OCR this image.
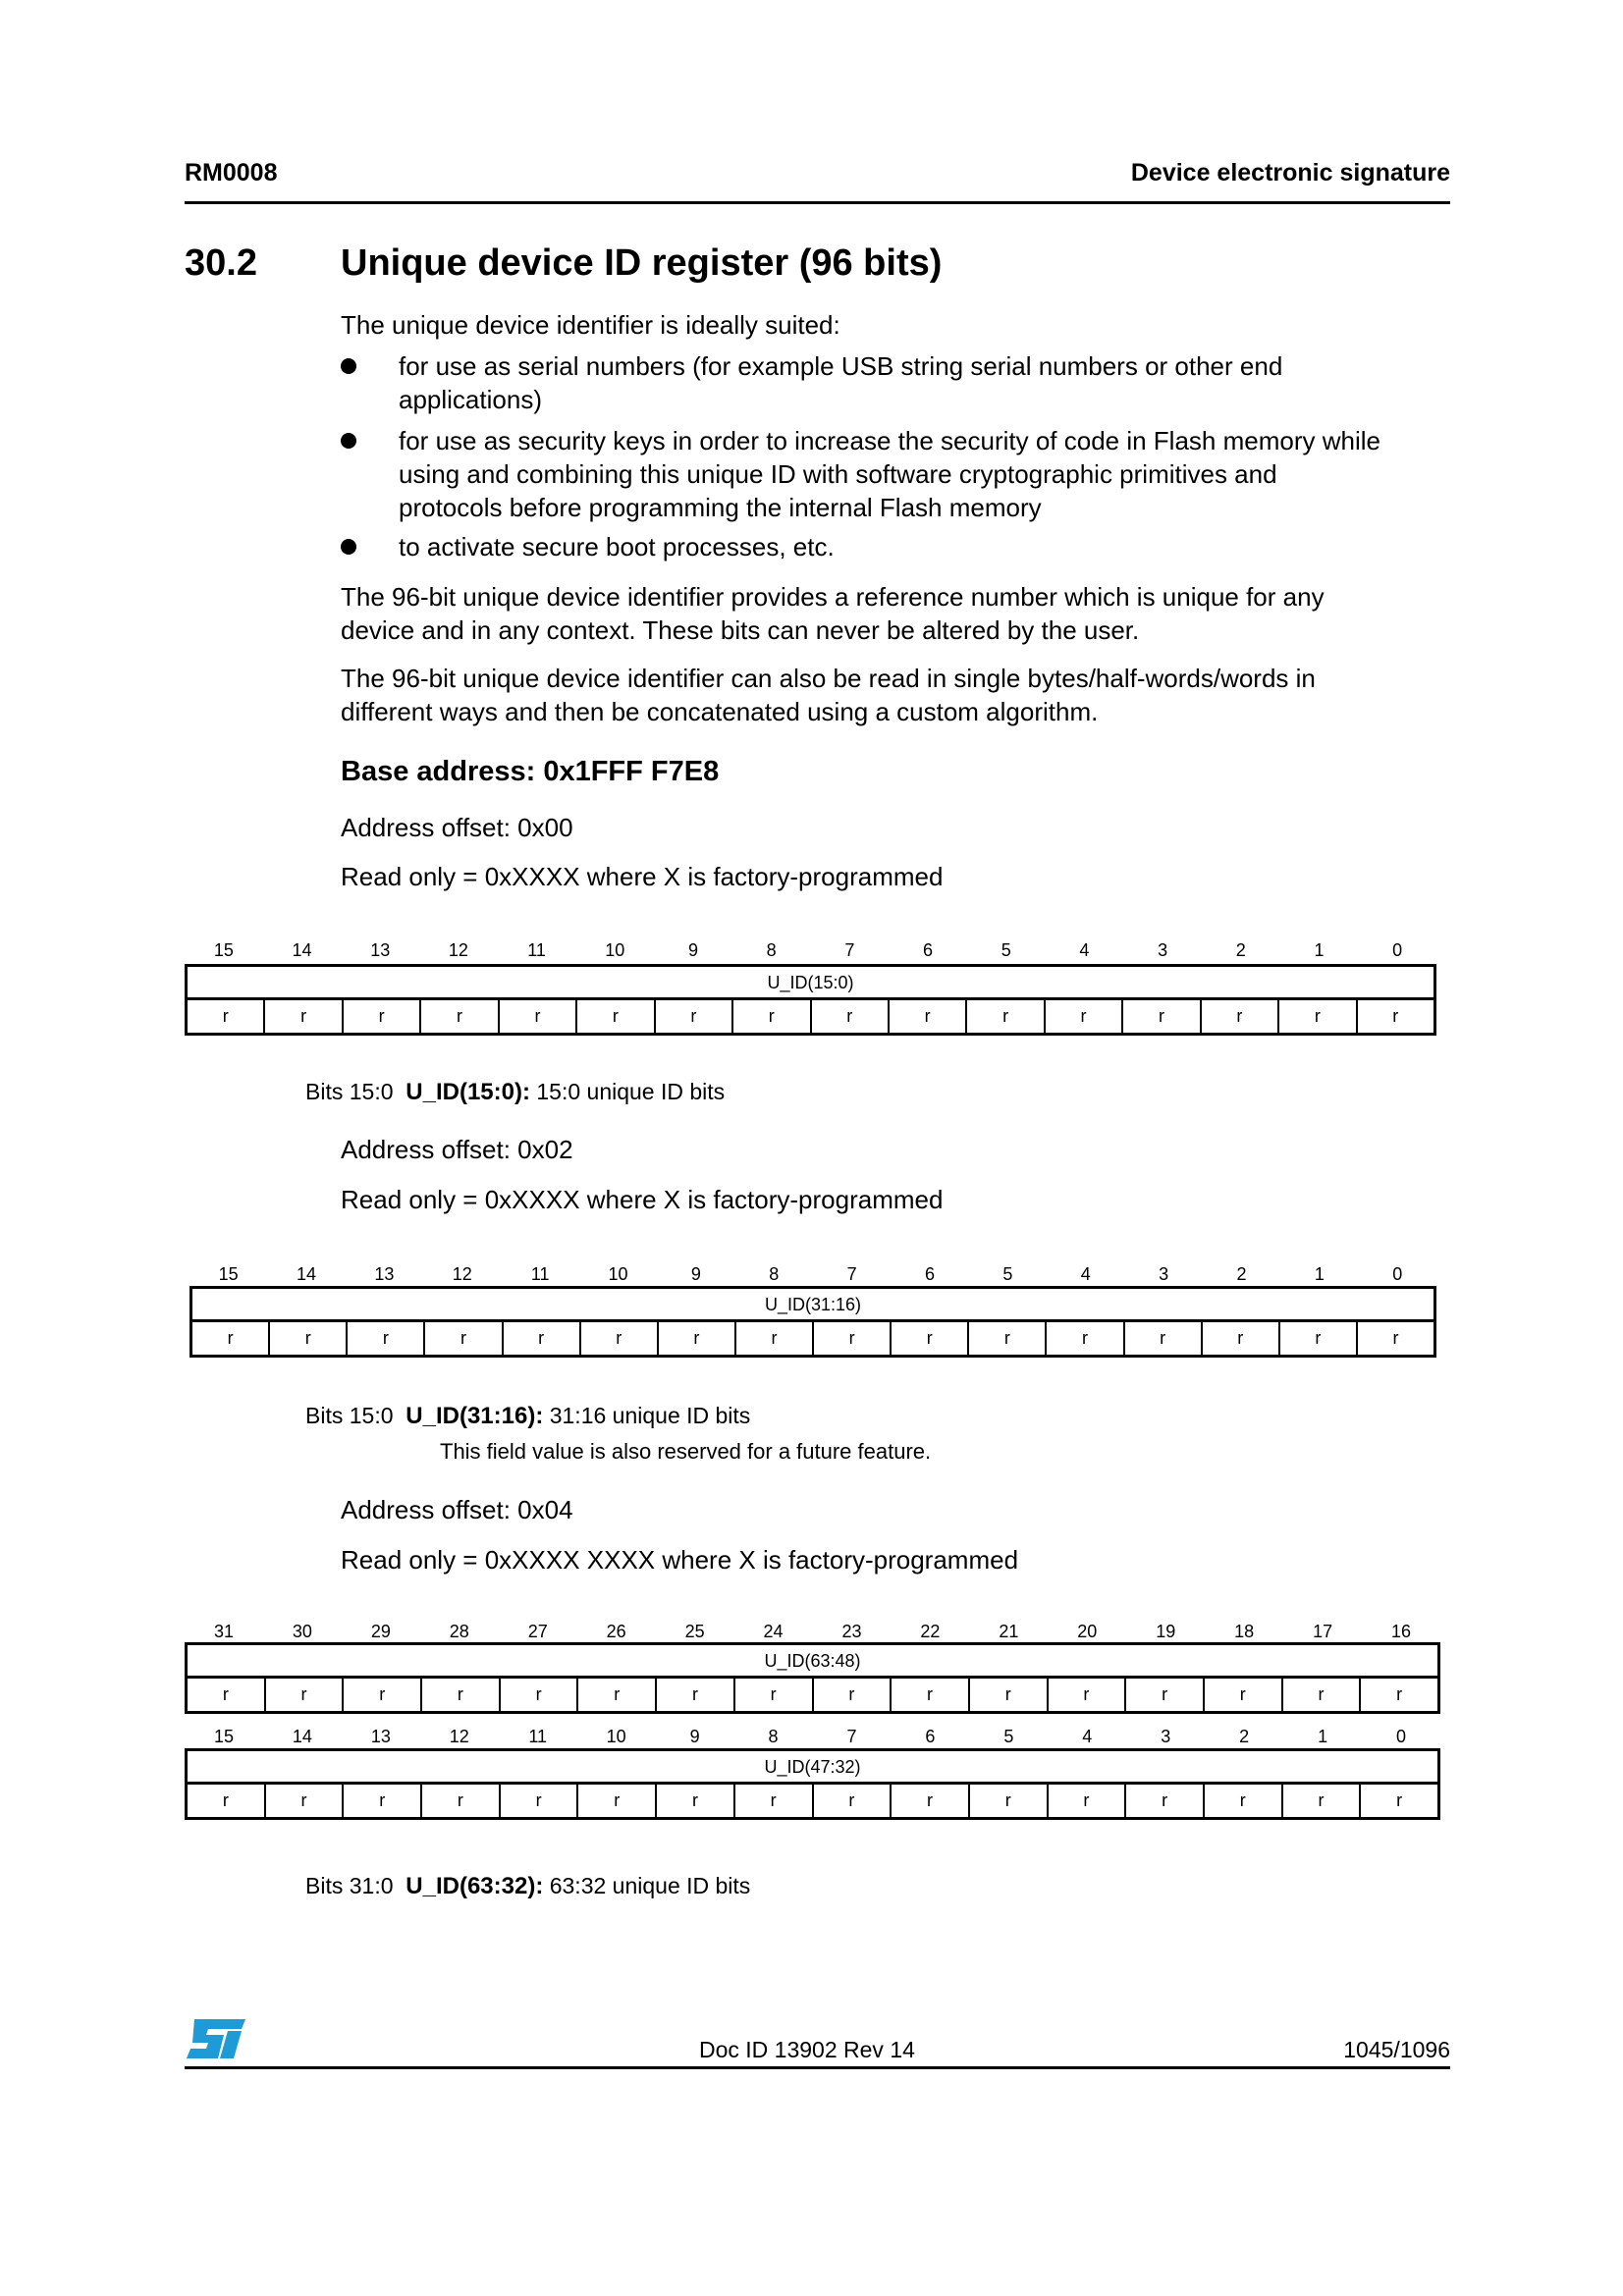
RM0008	Device electronic signature
30.2 Unique device ID register (96 bits)
The unique device identifier is ideally suited:
for use as serial numbers (for example USB string serial numbers or other end
applications)
for use as security keys in order to increase the security of code in Flash memory while
using and combining this unique ID with software cryptographic primitives and
protocols before programming the internal Flash memory
to activate secure boot processes, etc.
The 96-bit unique device identifier provides a reference number which is unique for any
device and in any context. These bits can never be altered by the user.
The 96-bit unique device identifier can also be read in single bytes/half-words/words in
different ways and then be concatenated using a custom algorithm.
Base address: 0x1FFF F7E8
Address offset: 0x00
Read only = 0xXXXX where X is factory-programmed
15	14	13	12	11	10	9	8	7	6	5	4	3	2	1	0
U_ID(15:0)
r	r	r	r	r	r	r	r	r	r	r	r	r	r	r	r
Bits 15:0 U_ID(15:0): 15:0 unique ID bits
Address offset: 0x02
Read only = 0xXXXX where X is factory-programmed
15	14	13	12	11	10	9	8	7	6	5	4	3	2	1	0
U_ID(31:16)
r	r	r	r	r	r	r	r	r	r	r	r	r	r	r	r
Bits 15:0 U_ID(31:16): 31:16 unique ID bits
This field value is also reserved for a future feature.
Address offset: 0x04
Read only = 0xXXXX XXXX where X is factory-programmed
31	30	29	28	27	26	25	24	23	22	21	20	19	18	17	16
U_ID(63:48)
r	r	r	r	r	r	r	r	r	r	r	r	r	r	r	r
15	14	13	12	11	10	9	8	7	6	5	4	3	2	1	0
U_ID(47:32)
r	r	r	r	r	r	r	r	r	r	r	r	r	r	r	r
Bits 31:0 U_ID(63:32): 63:32 unique ID bits
Doc ID 13902 Rev 14	1045/1096
